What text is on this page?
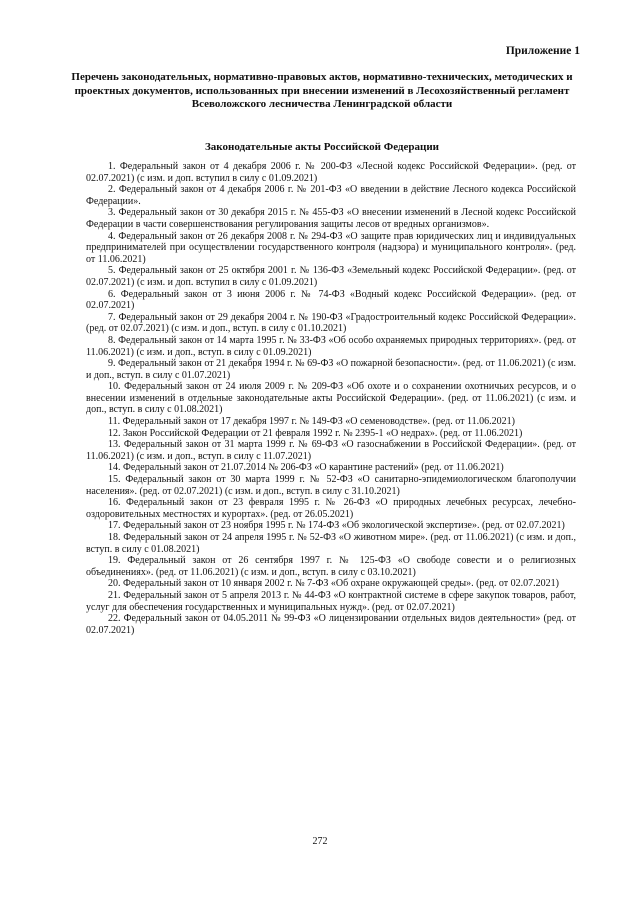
Приложение 1
Перечень законодательных, нормативно-правовых актов, нормативно-технических, методических и проектных документов, использованных при внесении изменений в Лесохозяйственный регламент Всеволожского лесничества Ленинградской области
Законодательные акты Российской Федерации

1. Федеральный закон от 4 декабря 2006 г. № 200-ФЗ «Лесной кодекс Российской Федерации». (ред. от 02.07.2021) (с изм. и доп. вступил в силу с 01.09.2021)

2. Федеральный закон от 4 декабря 2006 г. № 201-ФЗ «О введении в действие Лесного кодекса Российской Федерации».

3. Федеральный закон от 30 декабря 2015 г. № 455-ФЗ «О внесении изменений в Лесной кодекс Российской Федерации в части совершенствования регулирования защиты лесов от вредных организмов».

4. Федеральный закон от 26 декабря 2008 г. № 294-ФЗ «О защите прав юридических лиц и индивидуальных предпринимателей при осуществлении государственного контроля (надзора) и муниципального контроля». (ред. от 11.06.2021)

5. Федеральный закон от 25 октября 2001 г. № 136-ФЗ «Земельный кодекс Российской Федерации». (ред. от 02.07.2021) (с изм. и доп. вступил в силу с 01.09.2021)

6. Федеральный закон от 3 июня 2006 г. № 74-ФЗ «Водный кодекс Российской Федерации». (ред. от 02.07.2021)

7. Федеральный закон от 29 декабря 2004 г. № 190-ФЗ «Градостроительный кодекс Российской Федерации». (ред. от 02.07.2021) (с изм. и доп., вступ. в силу с 01.10.2021)

8. Федеральный закон от 14 марта 1995 г. № 33-ФЗ «Об особо охраняемых природных территориях». (ред. от 11.06.2021) (с изм. и доп., вступ. в силу с 01.09.2021)

9. Федеральный закон от 21 декабря 1994 г. № 69-ФЗ «О пожарной безопасности». (ред. от 11.06.2021) (с изм. и доп., вступ. в силу с 01.07.2021)

10. Федеральный закон от 24 июля 2009 г. № 209-ФЗ «Об охоте и о сохранении охотничьих ресурсов, и о внесении изменений в отдельные законодательные акты Российской Федерации». (ред. от 11.06.2021) (с изм. и доп., вступ. в силу с 01.08.2021)

11. Федеральный закон от 17 декабря 1997 г. № 149-ФЗ «О семеноводстве». (ред. от 11.06.2021)

12. Закон Российской Федерации от 21 февраля 1992 г. № 2395-1 «О недрах». (ред. от 11.06.2021)

13. Федеральный закон от 31 марта 1999 г. № 69-ФЗ «О газоснабжении в Российской Федерации». (ред. от 11.06.2021) (с изм. и доп., вступ. в силу с 11.07.2021)

14. Федеральный закон от 21.07.2014 № 206-ФЗ «О карантине растений» (ред. от 11.06.2021)

15. Федеральный закон от 30 марта 1999 г. № 52-ФЗ «О санитарно-эпидемиологическом благополучии населения». (ред. от 02.07.2021) (с изм. и доп., вступ. в силу с 31.10.2021)

16. Федеральный закон от 23 февраля 1995 г. № 26-ФЗ «О природных лечебных ресурсах, лечебно-оздоровительных местностях и курортах». (ред. от 26.05.2021)

17. Федеральный закон от 23 ноября 1995 г. № 174-ФЗ «Об экологической экспертизе». (ред. от 02.07.2021)

18. Федеральный закон от 24 апреля 1995 г. № 52-ФЗ «О животном мире». (ред. от 11.06.2021) (с изм. и доп., вступ. в силу с 01.08.2021)

19. Федеральный закон от 26 сентября 1997 г. № 125-ФЗ «О свободе совести и о религиозных объединениях». (ред. от 11.06.2021) (с изм. и доп., вступ. в силу с 03.10.2021)

20. Федеральный закон от 10 января 2002 г. № 7-ФЗ «Об охране окружающей среды». (ред. от 02.07.2021)

21. Федеральный закон от 5 апреля 2013 г. № 44-ФЗ «О контрактной системе в сфере закупок товаров, работ, услуг для обеспечения государственных и муниципальных нужд». (ред. от 02.07.2021)

22. Федеральный закон от 04.05.2011 № 99-ФЗ «О лицензировании отдельных видов деятельности» (ред. от 02.07.2021)

272
